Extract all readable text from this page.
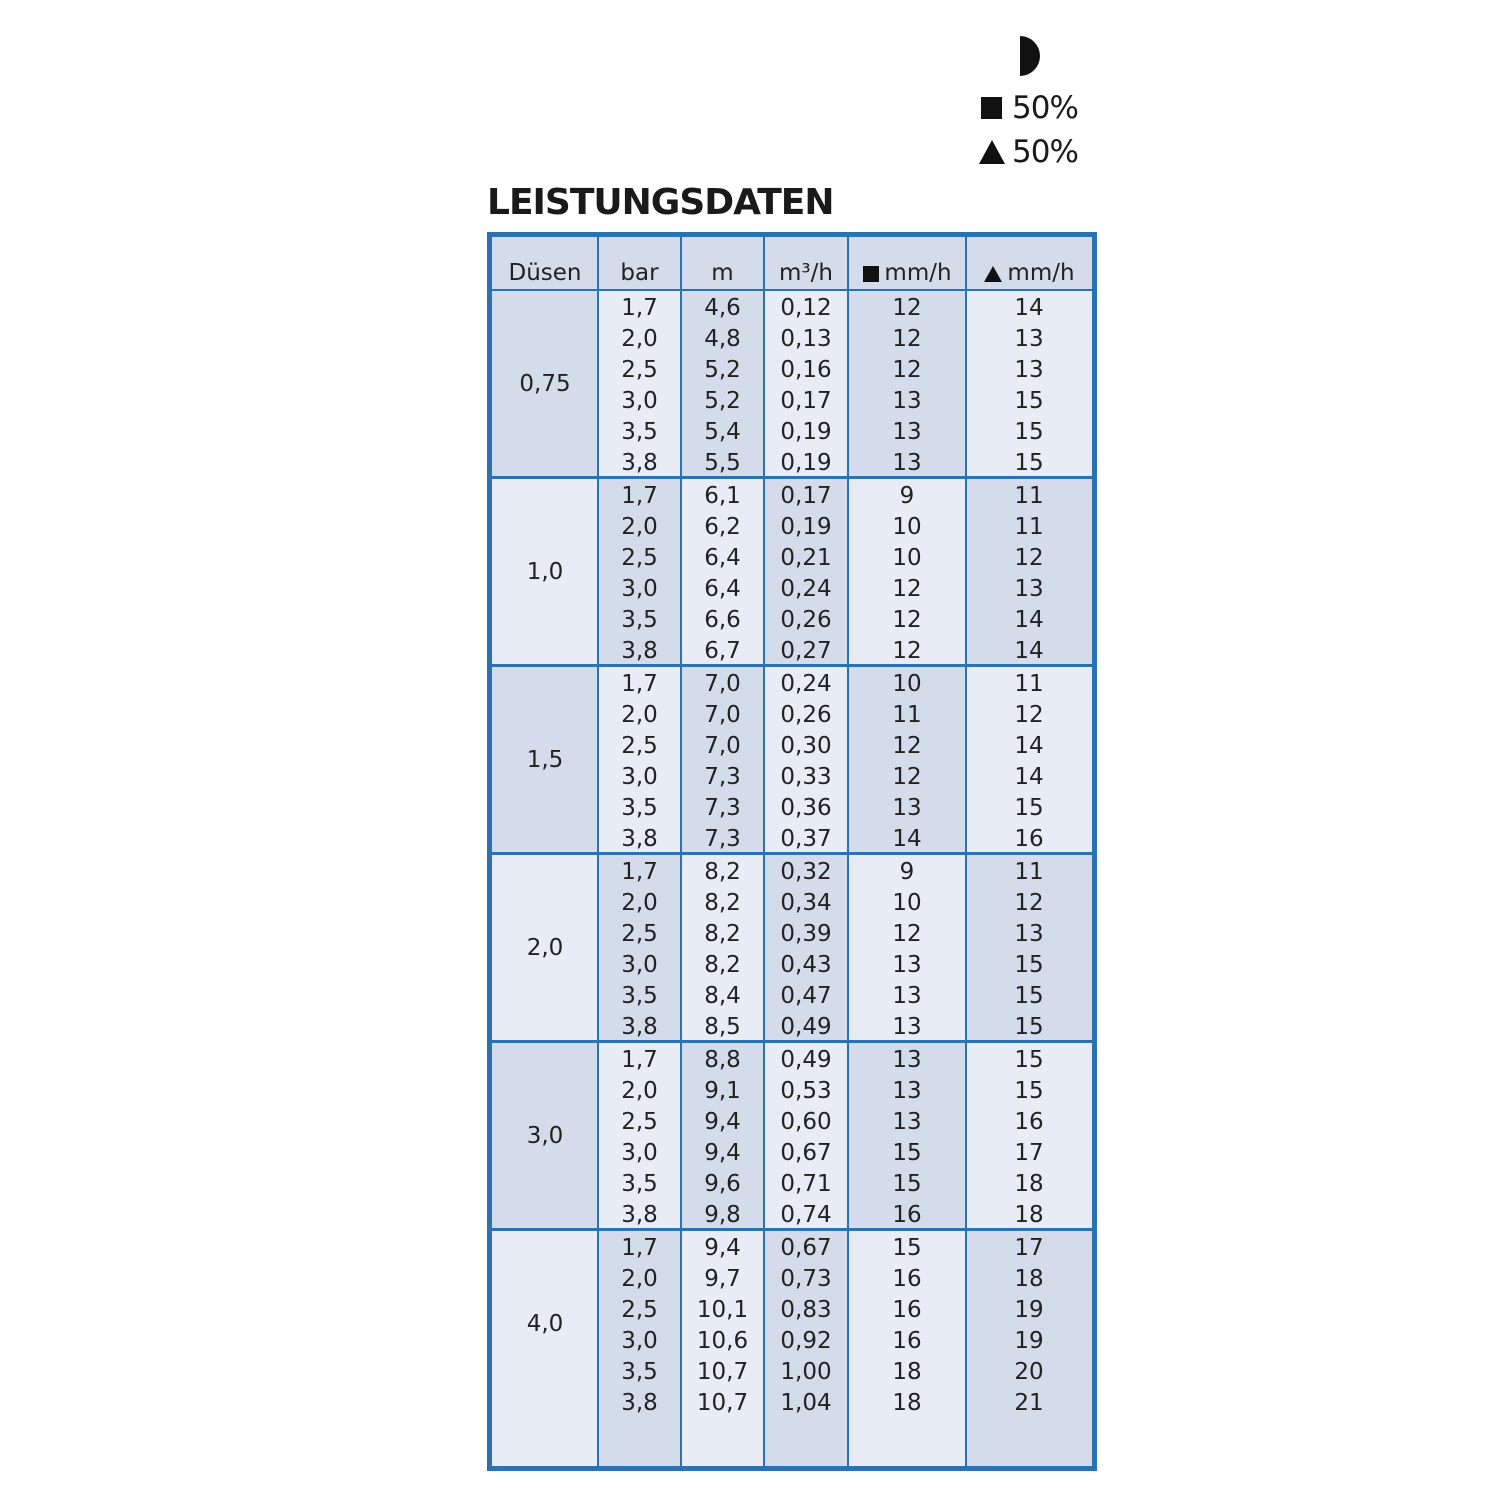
50%
50%
LEISTUNGSDATEN
0,75
1,7	4,6	0,12	12	14
2,0	4,8	0,13	12	13
2,5	5,2	0,16	12	13
3,0	5,2	0,17	13	15
3,5	5,4	0,19	13	15
3,8	5,5	0,19	13	15
1,0
1,7	6,1	0,17	9	11
2,0	6,2	0,19	10	11
2,5	6,4	0,21	10	12
3,0	6,4	0,24	12	13
3,5	6,6	0,26	12	14
3,8	6,7	0,27	12	14
1,5
1,7	7,0	0,24	10	11
2,0	7,0	0,26	11	12
2,5	7,0	0,30	12	14
3,0	7,3	0,33	12	14
3,5	7,3	0,36	13	15
3,8	7,3	0,37	14	16
2,0
1,7	8,2	0,32	9	11
2,0	8,2	0,34	10	12
2,5	8,2	0,39	12	13
3,0	8,2	0,43	13	15
3,5	8,4	0,47	13	15
3,8	8,5	0,49	13	15
3,0
1,7	8,8	0,49	13	15
2,0	9,1	0,53	13	15
2,5	9,4	0,60	13	16
3,0	9,4	0,67	15	17
3,5	9,6	0,71	15	18
3,8	9,8	0,74	16	18
4,0
1,7	9,4	0,67	15	17
2,0	9,7	0,73	16	18
2,5	10,1	0,83	16	19
3,0	10,6	0,92	16	19
3,5	10,7	1,00	18	20
3,8	10,7	1,04	18	21
Düsen bar m m³/h mm/h mm/h
